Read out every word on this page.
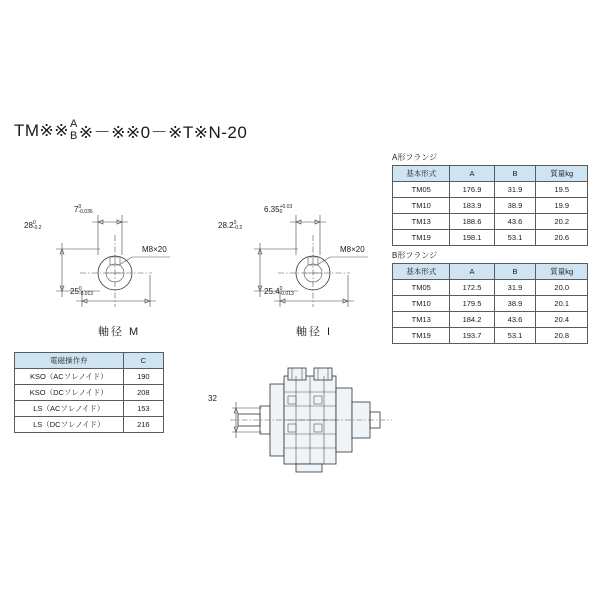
TM※※ A
B ※－※※0－※T※N-20
7 0
-0.036
28 0
-0.2
M8×20
25 0
-0.013
軸径 M
6.35 +0.03
0
28.2 0
-0.2
M8×20
25.4 0
-0.013
軸径 I
A形フランジ
基本形式	A	B	質量kg
TM05	176.9	31.9	19.5
TM10	183.9	38.9	19.9
TM13	188.6	43.6	20.2
TM19	198.1	53.1	20.6
B形フランジ
基本形式	A	B	質量kg
TM05	172.5	31.9	20.0
TM10	179.5	38.9	20.1
TM13	184.2	43.6	20.4
TM19	193.7	53.1	20.8
電磁操作弁	C
KSO（ACソレノイド）	190
KSO（DCソレノイド）	208
LS（ACソレノイド）	153
LS（DCソレノイド）	216
32
